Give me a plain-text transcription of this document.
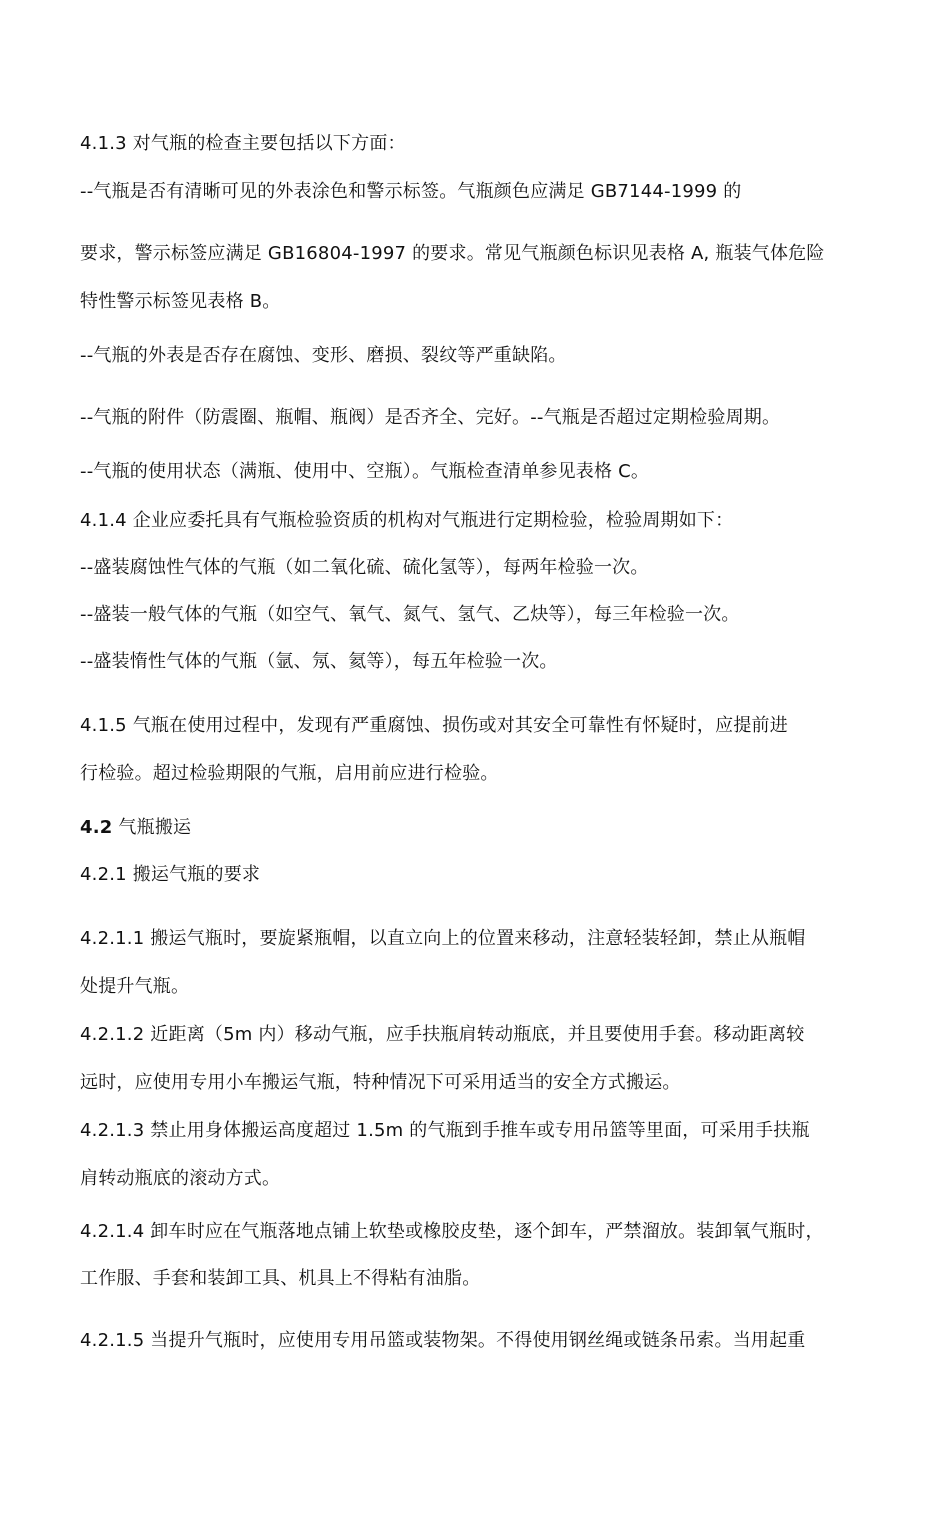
4.1.3 对气瓶的检查主要包括以下方面：
--气瓶是否有清晰可见的外表涂色和警示标签。气瓶颜色应满足 GB7144-1999 的
要求，警示标签应满足 GB16804-1997 的要求。常见气瓶颜色标识见表格 A, 瓶装气体危险
特性警示标签见表格 B。
--气瓶的外表是否存在腐蚀、变形、磨损、裂纹等严重缺陷。
--气瓶的附件（防震圈、瓶帽、瓶阀）是否齐全、完好。--气瓶是否超过定期检验周期。
--气瓶的使用状态（满瓶、使用中、空瓶）。气瓶检查清单参见表格 C。
4.1.4 企业应委托具有气瓶检验资质的机构对气瓶进行定期检验，检验周期如下：
--盛装腐蚀性气体的气瓶（如二氧化硫、硫化氢等），每两年检验一次。
--盛装一般气体的气瓶（如空气、氧气、氮气、氢气、乙炔等），每三年检验一次。
--盛装惰性气体的气瓶（氩、氖、氦等），每五年检验一次。
4.1.5 气瓶在使用过程中，发现有严重腐蚀、损伤或对其安全可靠性有怀疑时，应提前进
行检验。超过检验期限的气瓶，启用前应进行检验。
4.2 气瓶搬运
4.2.1 搬运气瓶的要求
4.2.1.1 搬运气瓶时，要旋紧瓶帽，以直立向上的位置来移动，注意轻装轻卸，禁止从瓶帽
处提升气瓶。
4.2.1.2 近距离（5m 内）移动气瓶，应手扶瓶肩转动瓶底，并且要使用手套。移动距离较
远时，应使用专用小车搬运气瓶，特种情况下可采用适当的安全方式搬运。
4.2.1.3 禁止用身体搬运高度超过 1.5m 的气瓶到手推车或专用吊篮等里面，可采用手扶瓶
肩转动瓶底的滚动方式。
4.2.1.4 卸车时应在气瓶落地点铺上软垫或橡胶皮垫，逐个卸车，严禁溜放。装卸氧气瓶时，
工作服、手套和装卸工具、机具上不得粘有油脂。
4.2.1.5 当提升气瓶时，应使用专用吊篮或装物架。不得使用钢丝绳或链条吊索。当用起重
